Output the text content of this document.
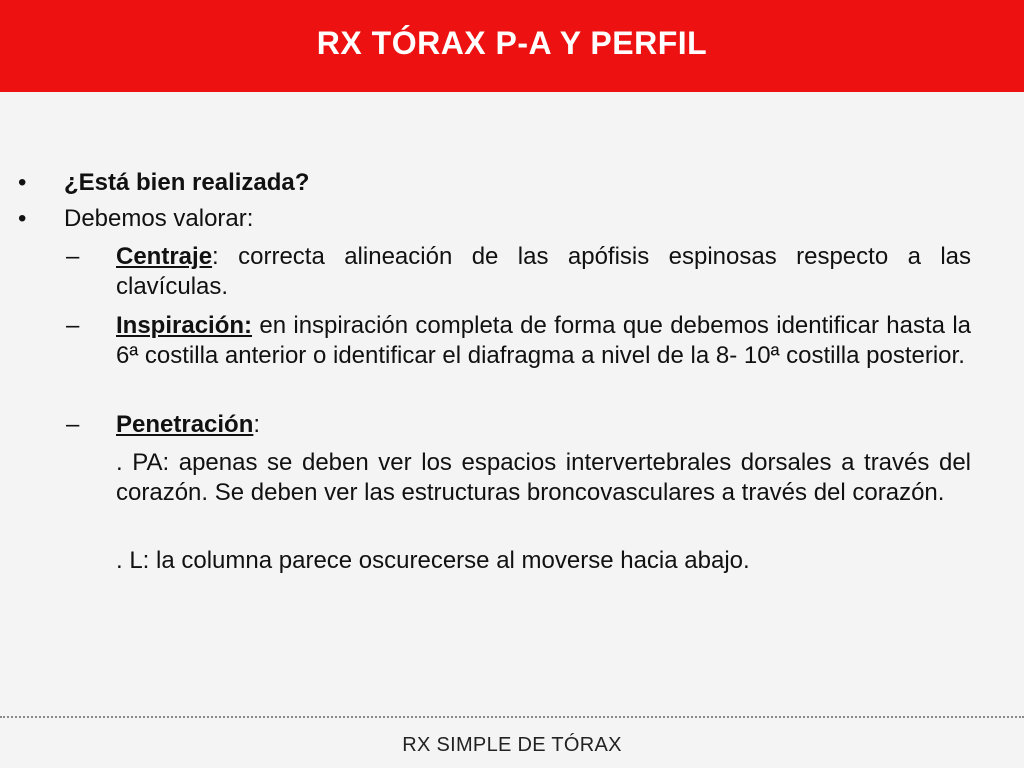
RX TÓRAX P-A Y PERFIL
• ¿Está bien realizada?
• Debemos valorar:
– Centraje: correcta alineación de las apófisis espinosas respecto a las clavículas.
– Inspiración: en inspiración completa de forma que debemos identificar hasta la 6ª costilla anterior o identificar el diafragma a nivel de la 8- 10ª costilla posterior.
– Penetración:
. PA: apenas se deben ver los espacios intervertebrales dorsales a través del corazón. Se deben ver las estructuras broncovasculares a través del corazón.
. L: la columna parece oscurecerse al moverse hacia abajo.
RX SIMPLE DE TÓRAX
